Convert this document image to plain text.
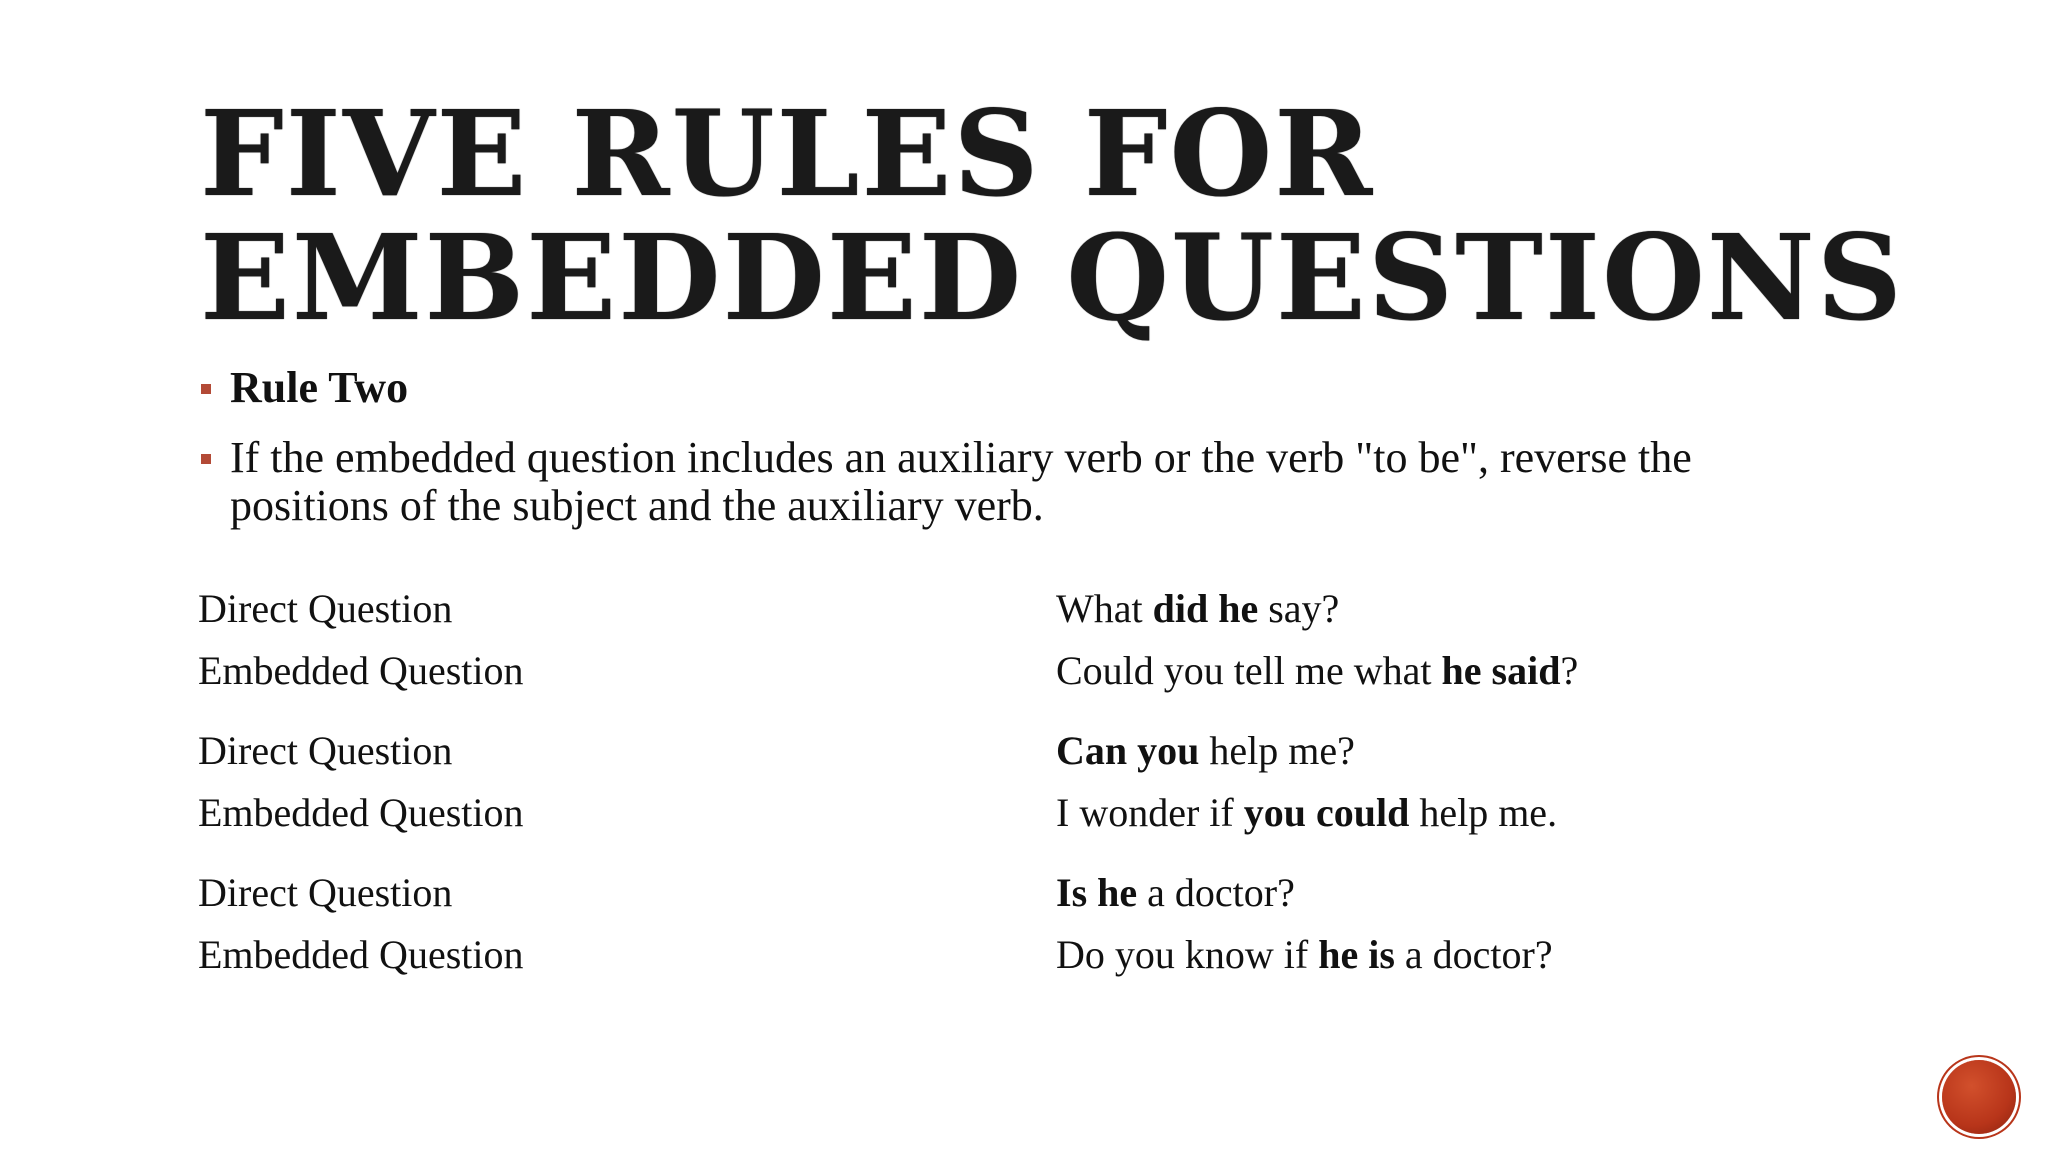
FIVE RULES FOR
EMBEDDED QUESTIONS
Rule Two
If the embedded question includes an auxiliary verb or the verb "to be", reverse the positions of the subject and the auxiliary verb.
Direct Question	What did he say?
Embedded Question	Could you tell me what he said?
Direct Question	Can you help me?
Embedded Question	I wonder if you could help me.
Direct Question	Is he a doctor?
Embedded Question	Do you know if he is a doctor?
